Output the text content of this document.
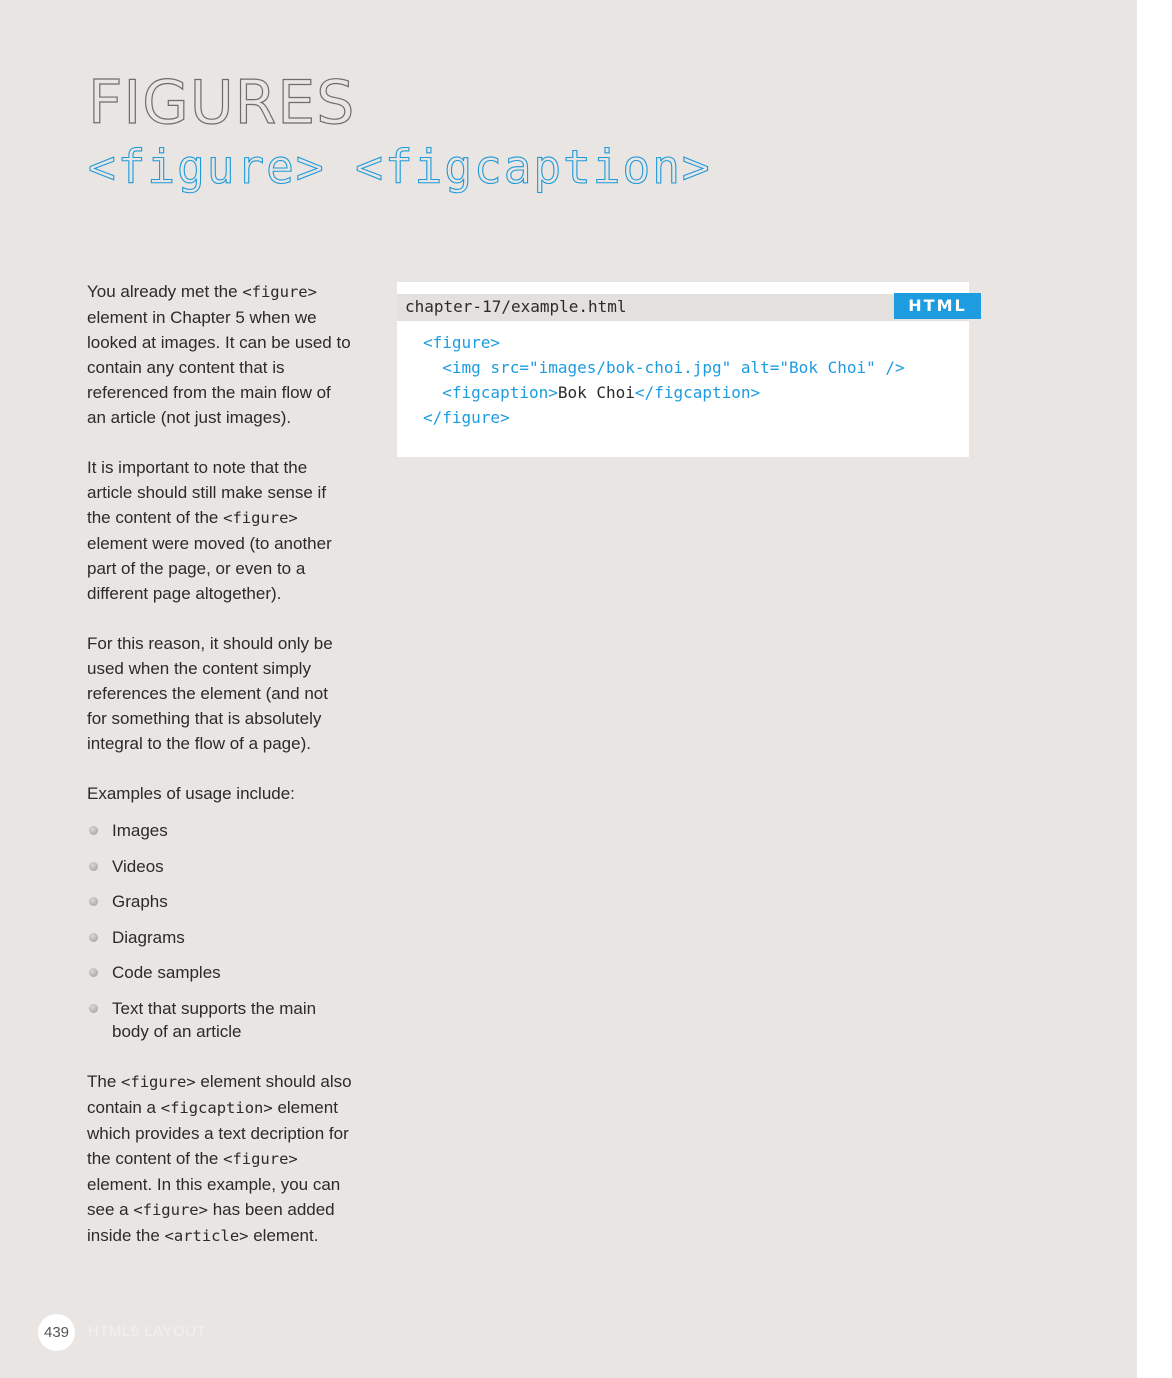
FIGURES
<figure> <figcaption>

You already met the <figure> element in Chapter 5 when we looked at images. It can be used to contain any content that is referenced from the main flow of an article (not just images).

It is important to note that the article should still make sense if the content of the <figure> element were moved (to another part of the page, or even to a different page altogether).

For this reason, it should only be used when the content simply references the element (and not for something that is absolutely integral to the flow of a page).

Examples of usage include:

Images
Videos
Graphs
Diagrams
Code samples
Text that supports the main body of an article

The <figure> element should also contain a <figcaption> element which provides a text decription for the content of the <figure> element. In this example, you can see a <figure> has been added inside the <article> element.

chapter-17/example.html	HTML
<figure>
<img src="images/bok-choi.jpg" alt="Bok Choi" />
<figcaption>Bok Choi</figcaption>
</figure>
439	HTML5 LAYOUT
